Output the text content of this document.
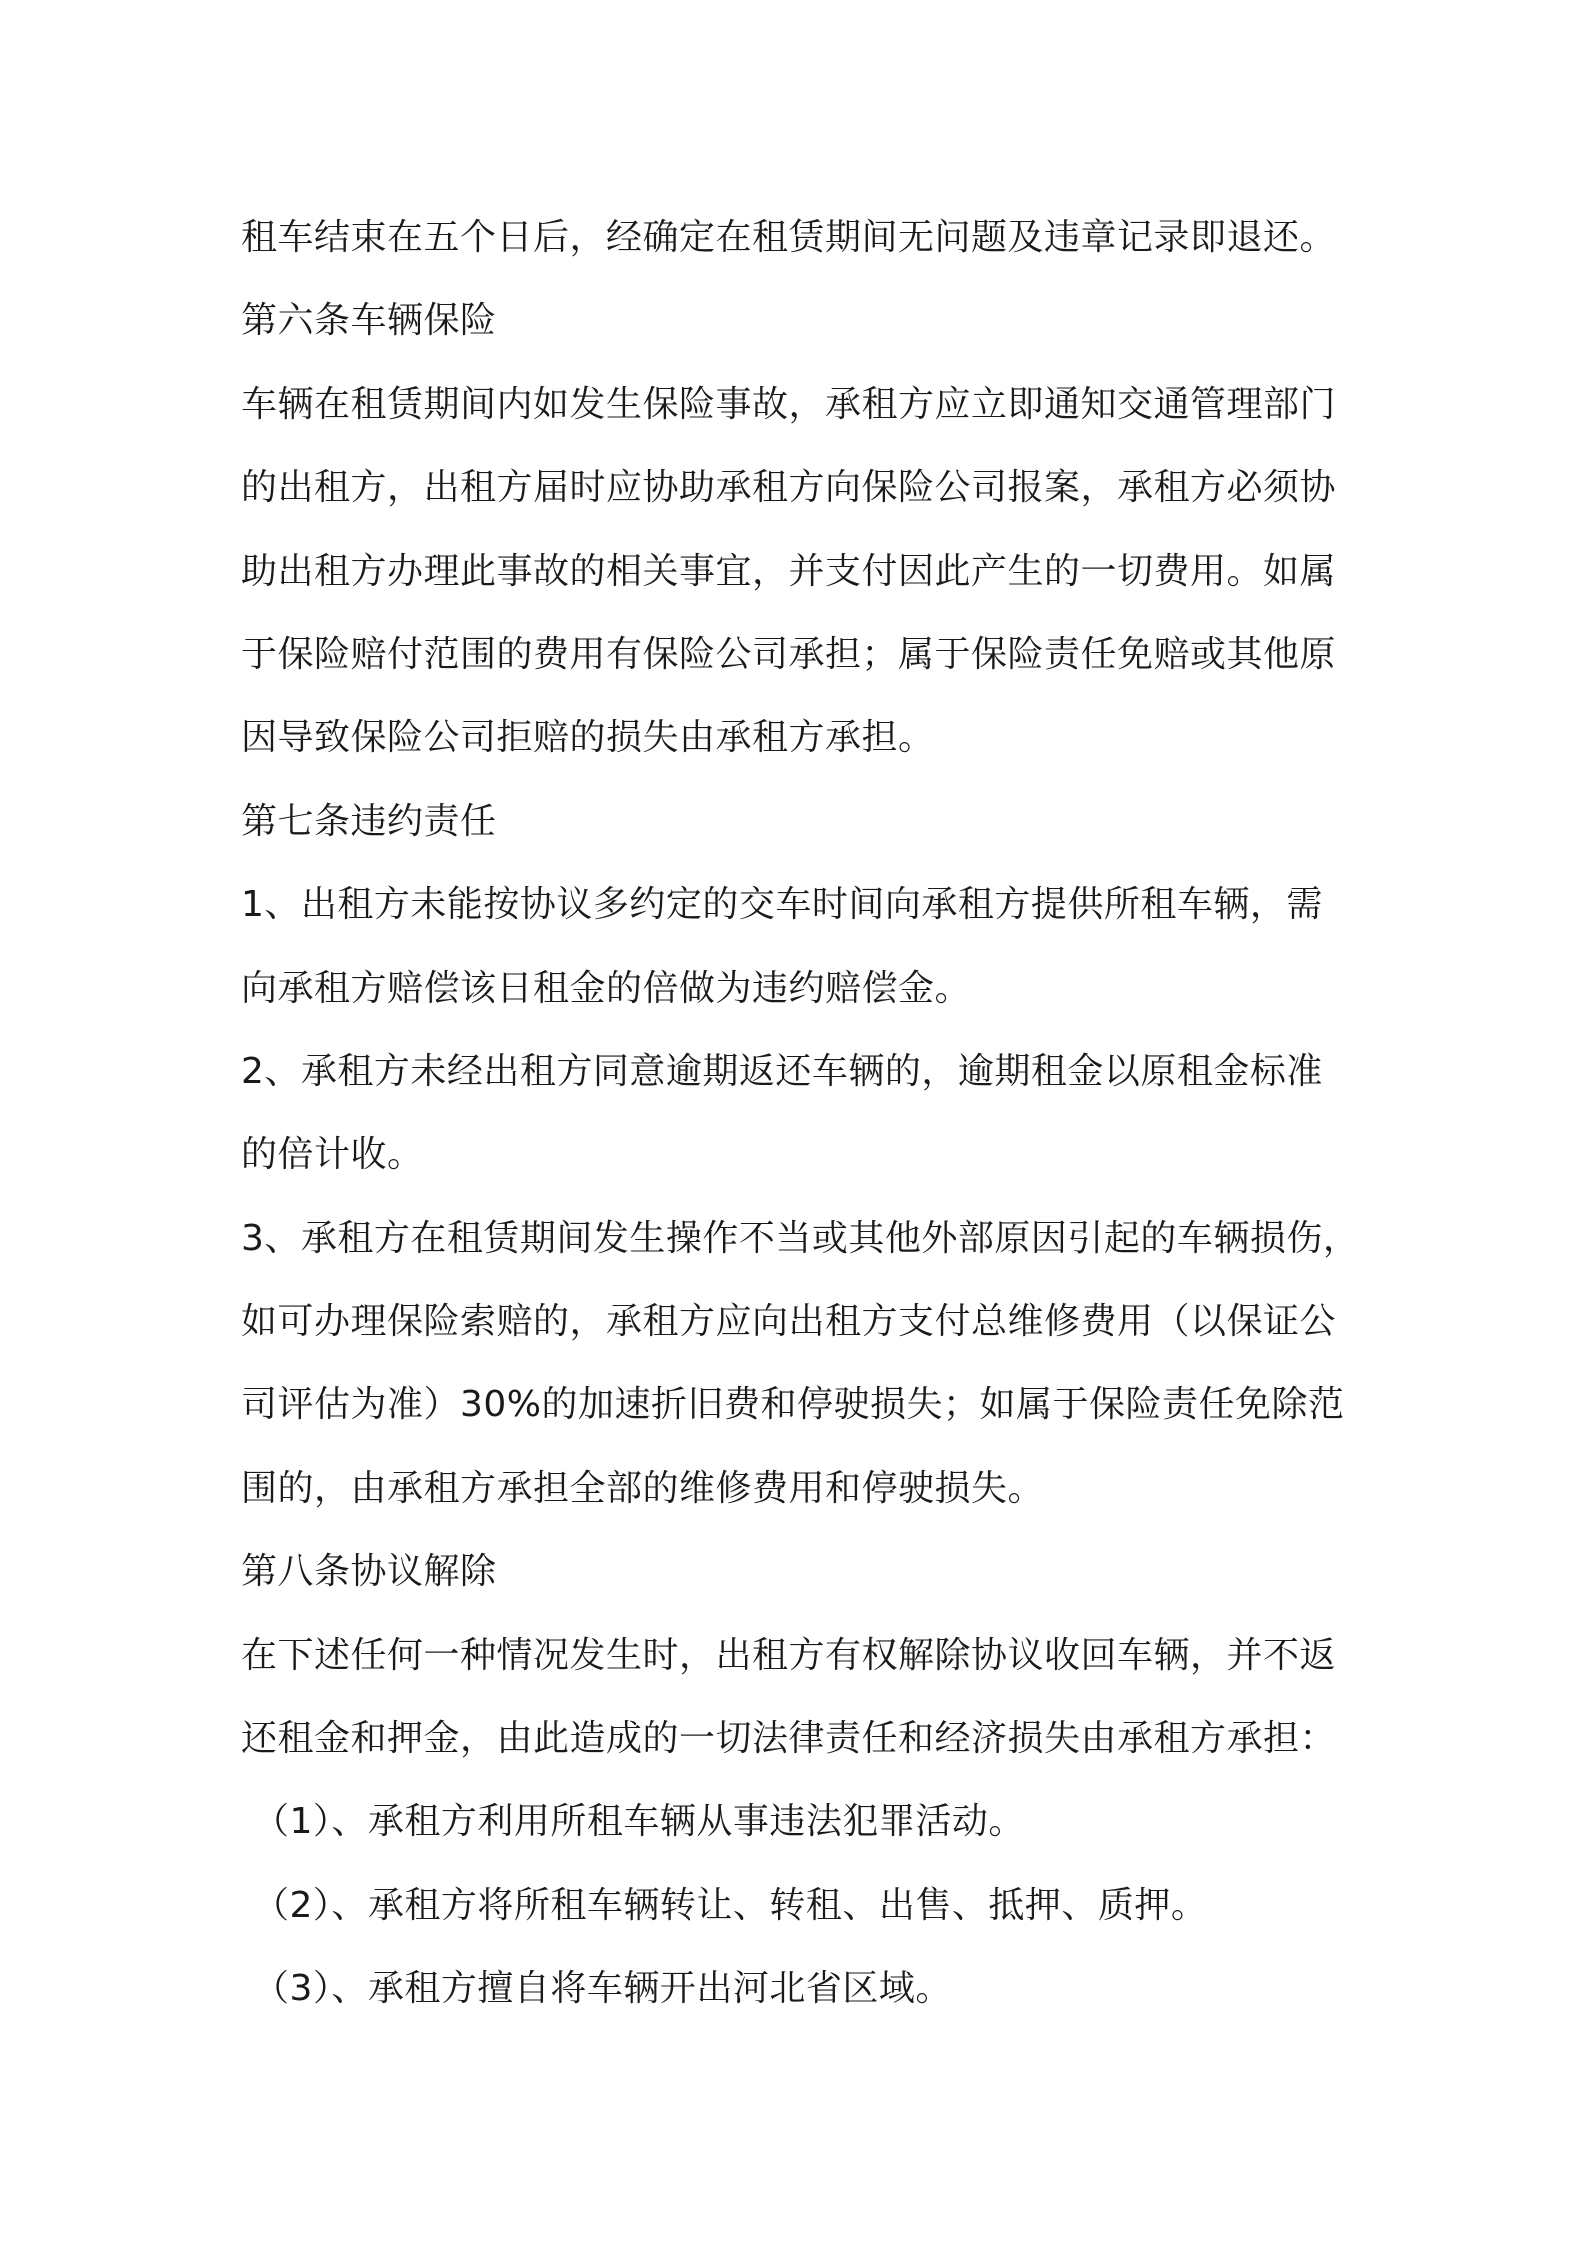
租车结束在五个日后，经确定在租赁期间无问题及违章记录即退还。
第六条车辆保险
车辆在租赁期间内如发生保险事故，承租方应立即通知交通管理部门
的出租方，出租方届时应协助承租方向保险公司报案，承租方必须协
助出租方办理此事故的相关事宜，并支付因此产生的一切费用。如属
于保险赔付范围的费用有保险公司承担；属于保险责任免赔或其他原
因导致保险公司拒赔的损失由承租方承担。
第七条违约责任
1、出租方未能按协议多约定的交车时间向承租方提供所租车辆，需
向承租方赔偿该日租金的倍做为违约赔偿金。
2、承租方未经出租方同意逾期返还车辆的，逾期租金以原租金标准
的倍计收。
3、承租方在租赁期间发生操作不当或其他外部原因引起的车辆损伤，
如可办理保险索赔的，承租方应向出租方支付总维修费用（以保证公
司评估为准）30%的加速折旧费和停驶损失；如属于保险责任免除范
围的，由承租方承担全部的维修费用和停驶损失。
第八条协议解除
在下述任何一种情况发生时，出租方有权解除协议收回车辆，并不返
还租金和押金，由此造成的一切法律责任和经济损失由承租方承担：
（1）、承租方利用所租车辆从事违法犯罪活动。
（2）、承租方将所租车辆转让、转租、出售、抵押、质押。
（3）、承租方擅自将车辆开出河北省区域。
